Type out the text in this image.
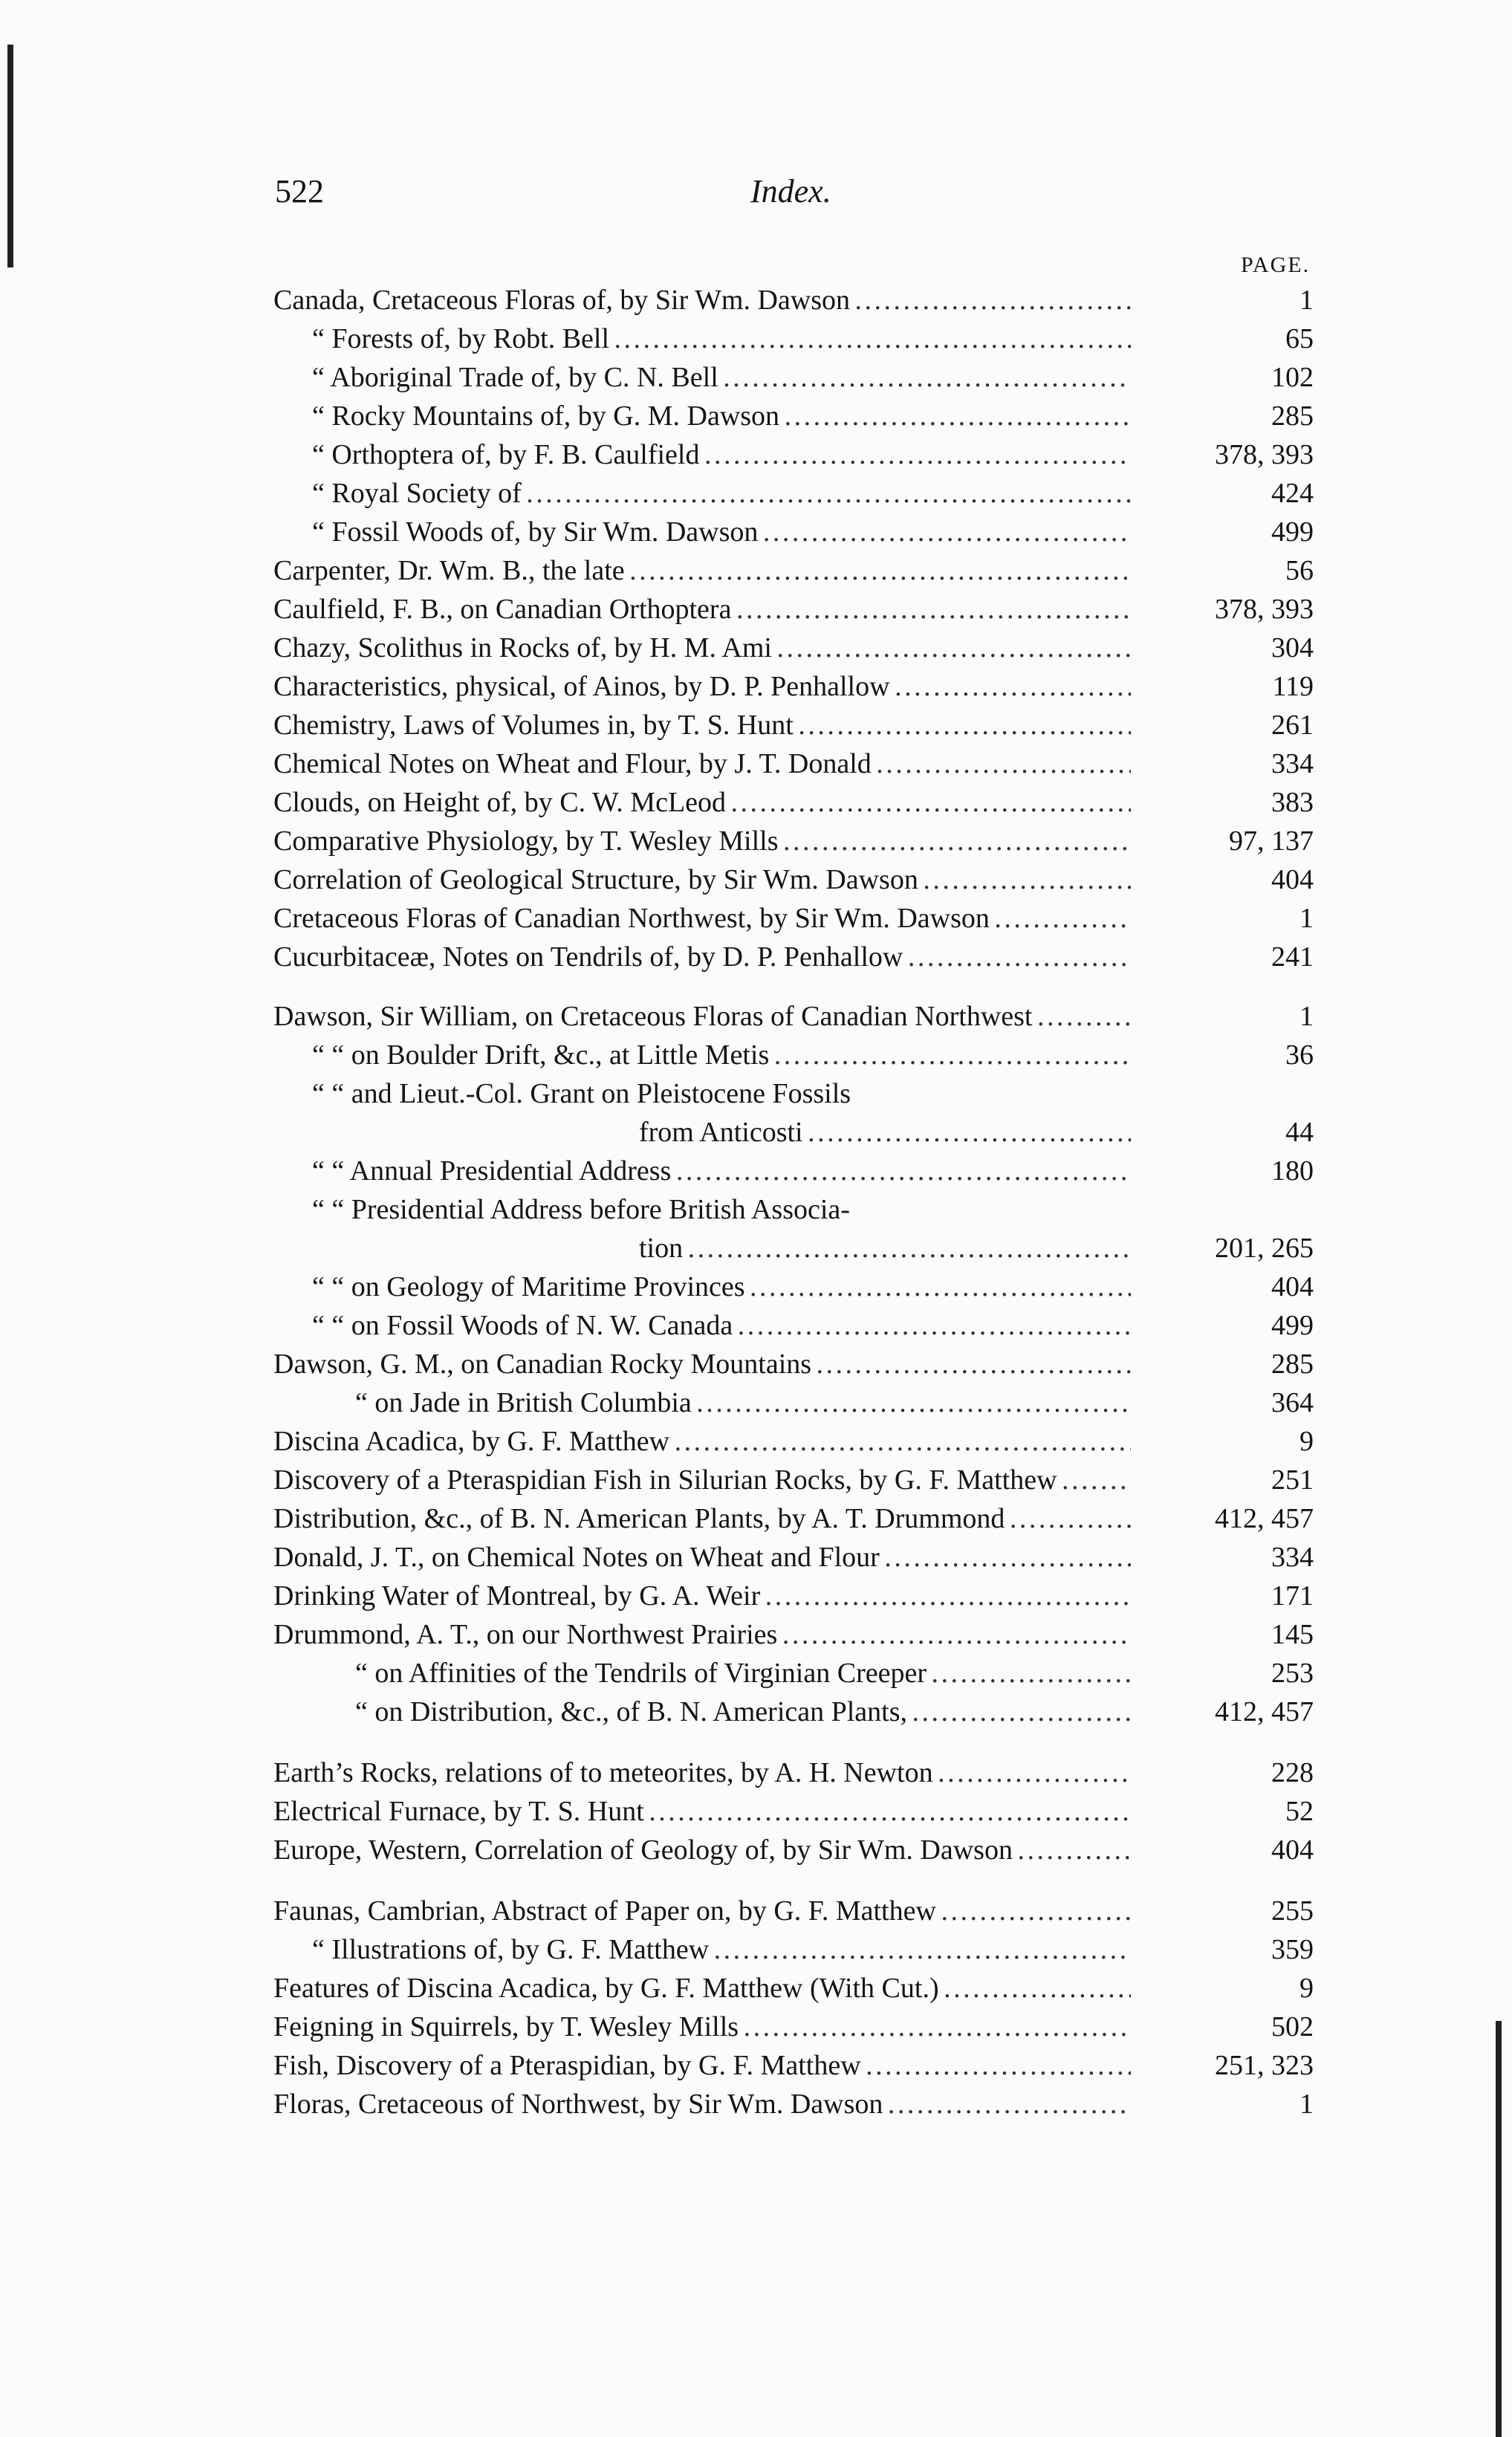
522	Index.
PAGE.
Canada, Cretaceous Floras of, by Sir Wm. Dawson . . .	1
“ Forests of, by Robt. Bell . . .	65
“ Aboriginal Trade of, by C. N. Bell . . .	102
“ Rocky Mountains of, by G. M. Dawson . . .	285
“ Orthoptera of, by F. B. Caulfield . . .	378, 393
“ Royal Society of . . .	424
“ Fossil Woods of, by Sir Wm. Dawson . . .	499
Carpenter, Dr. Wm. B., the late . . .	56
Caulfield, F. B., on Canadian Orthoptera . . .	378, 393
Chazy, Scolithus in Rocks of, by H. M. Ami . . .	304
Characteristics, physical, of Ainos, by D. P. Penhallow . . .	119
Chemistry, Laws of Volumes in, by T. S. Hunt . . .	261
Chemical Notes on Wheat and Flour, by J. T. Donald . . .	334
Clouds, on Height of, by C. W. McLeod . . .	383
Comparative Physiology, by T. Wesley Mills . . .	97, 137
Correlation of Geological Structure, by Sir Wm. Dawson . . .	404
Cretaceous Floras of Canadian Northwest, by Sir Wm. Dawson . . .	1
Cucurbitaceæ, Notes on Tendrils of, by D. P. Penhallow . . .	241
Dawson, Sir William, on Cretaceous Floras of Canadian Northwest . . .	1
“ “ on Boulder Drift, &c., at Little Metis . . .	36
“ “ and Lieut.-Col. Grant on Pleistocene Fossils
from Anticosti . . .	44
“ “ Annual Presidential Address . . .	180
“ “ Presidential Address before British Associa-
tion . . .	201, 265
“ “ on Geology of Maritime Provinces . . .	404
“ “ on Fossil Woods of N. W. Canada . . .	499
Dawson, G. M., on Canadian Rocky Mountains . . .	285
“ on Jade in British Columbia . . .	364
Discina Acadica, by G. F. Matthew . . .	9
Discovery of a Pteraspidian Fish in Silurian Rocks, by G. F. Matthew . . .	251
Distribution, &c., of B. N. American Plants, by A. T. Drummond . . .	412, 457
Donald, J. T., on Chemical Notes on Wheat and Flour . . .	334
Drinking Water of Montreal, by G. A. Weir . . .	171
Drummond, A. T., on our Northwest Prairies . . .	145
“ on Affinities of the Tendrils of Virginian Creeper . . .	253
“ on Distribution, &c., of B. N. American Plants, . . .	412, 457
Earth’s Rocks, relations of to meteorites, by A. H. Newton . . .	228
Electrical Furnace, by T. S. Hunt . . .	52
Europe, Western, Correlation of Geology of, by Sir Wm. Dawson . . .	404
Faunas, Cambrian, Abstract of Paper on, by G. F. Matthew . . .	255
“ Illustrations of, by G. F. Matthew . . .	359
Features of Discina Acadica, by G. F. Matthew (With Cut.) . . .	9
Feigning in Squirrels, by T. Wesley Mills . . .	502
Fish, Discovery of a Pteraspidian, by G. F. Matthew . . .	251, 323
Floras, Cretaceous of Northwest, by Sir Wm. Dawson . . .	1
